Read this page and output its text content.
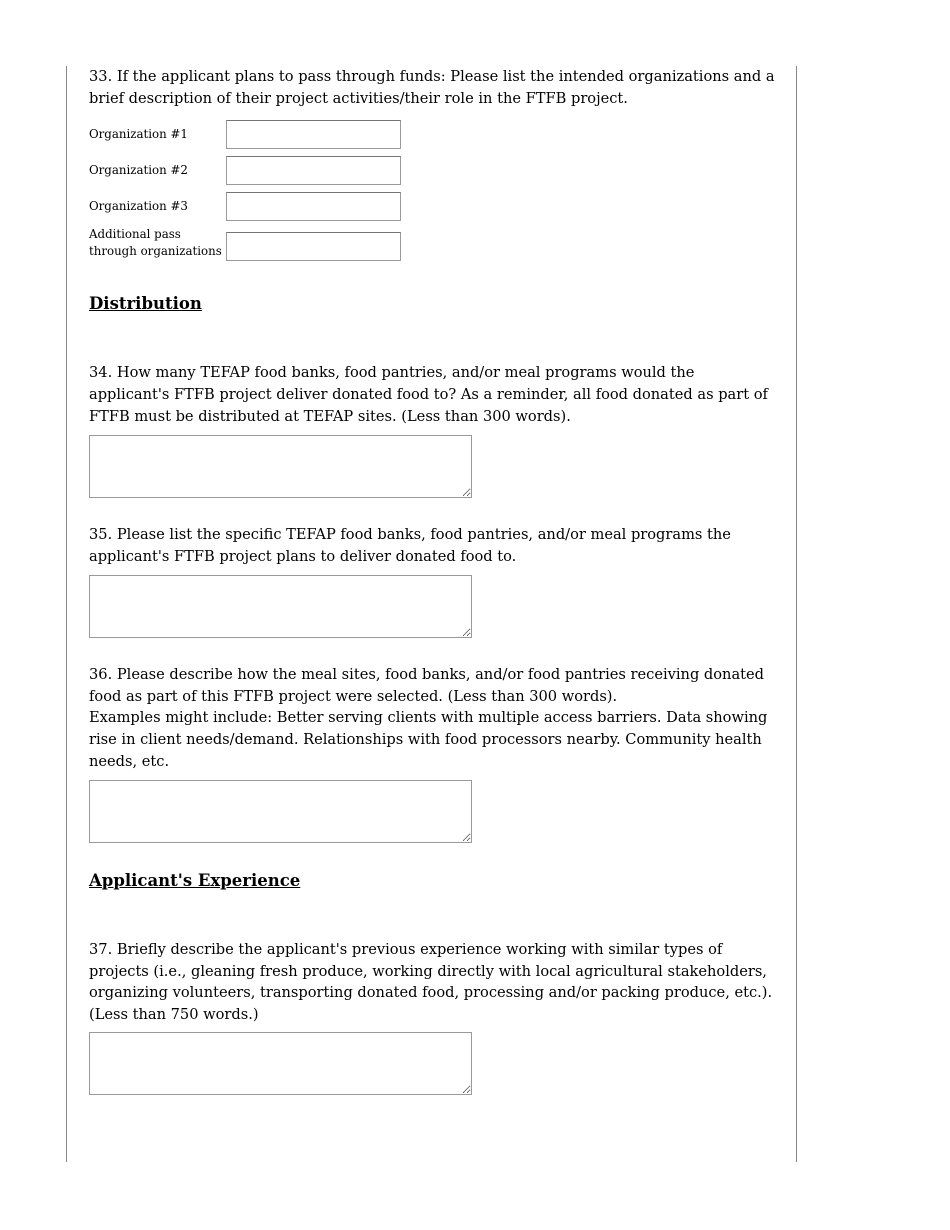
33. If the applicant plans to pass through funds: Please list the intended organizations and a brief description of their project activities/their role in the FTFB project.

Organization #1
Organization #2
Organization #3
Additional pass
through organizations
Distribution

34. How many TEFAP food banks, food pantries, and/or meal programs would the applicant's FTFB project deliver donated food to? As a reminder, all food donated as part of FTFB must be distributed at TEFAP sites. (Less than 300 words).

35. Please list the specific TEFAP food banks, food pantries, and/or meal programs the applicant's FTFB project plans to deliver donated food to.

36. Please describe how the meal sites, food banks, and/or food pantries receiving donated food as part of this FTFB project were selected. (Less than 300 words).

Examples might include: Better serving clients with multiple access barriers. Data showing rise in client needs/demand. Relationships with food processors nearby. Community health needs, etc.

Applicant's Experience

37. Briefly describe the applicant's previous experience working with similar types of projects (i.e., gleaning fresh produce, working directly with local agricultural stakeholders, organizing volunteers, transporting donated food, processing and/or packing produce, etc.). (Less than 750 words.)
